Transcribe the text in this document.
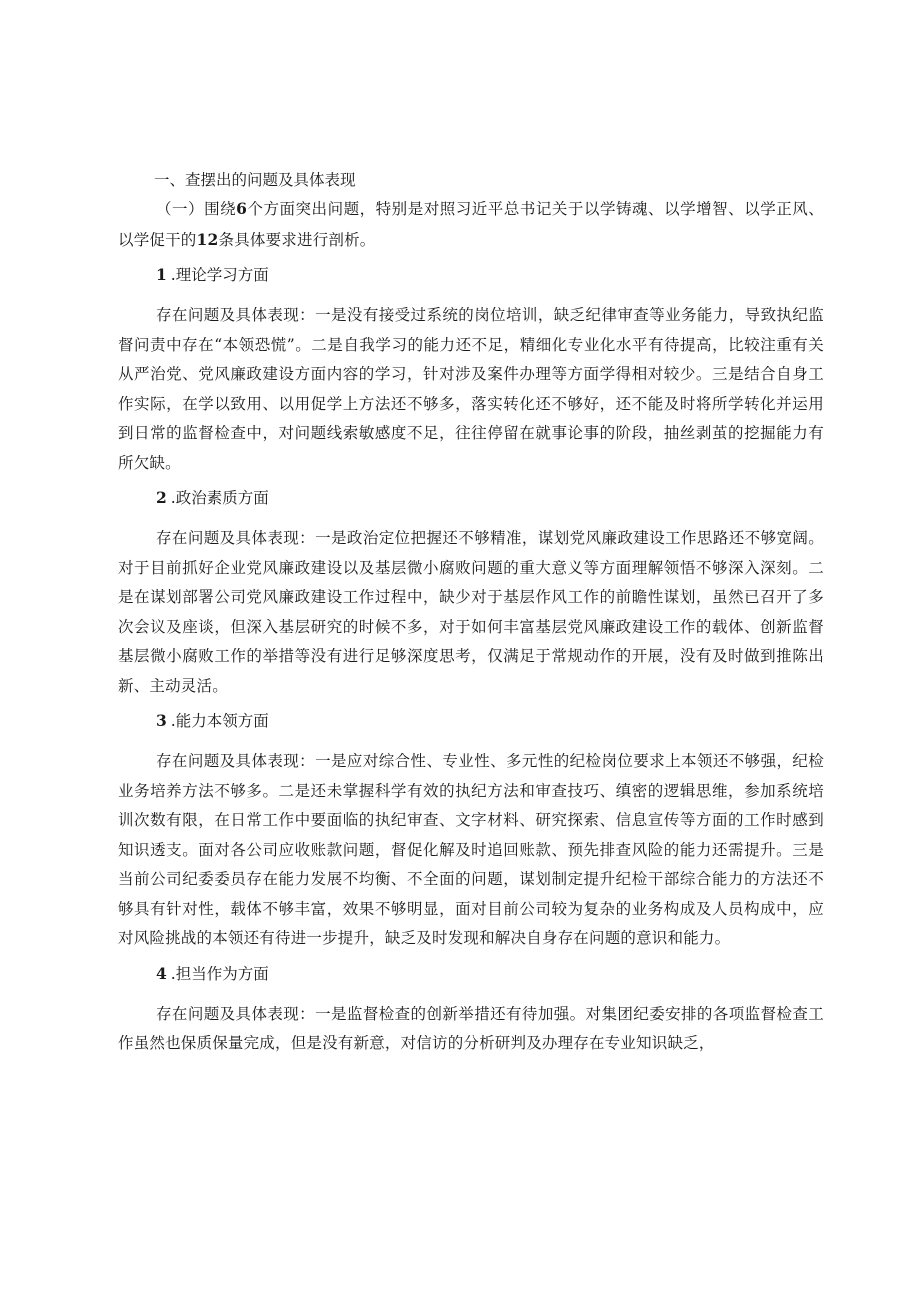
一、查摆出的问题及具体表现

（一）围绕6个方面突出问题，特别是对照习近平总书记关于以学铸魂、以学增智、以学正风、以学促干的12条具体要求进行剖析。

1 .理论学习方面

存在问题及具体表现：一是没有接受过系统的岗位培训，缺乏纪律审查等业务能力，导致执纪监督问责中存在“本领恐慌”。二是自我学习的能力还不足，精细化专业化水平有待提高，比较注重有关从严治党、党风廉政建设方面内容的学习，针对涉及案件办理等方面学得相对较少。三是结合自身工作实际，在学以致用、以用促学上方法还不够多，落实转化还不够好，还不能及时将所学转化并运用到日常的监督检查中，对问题线索敏感度不足，往往停留在就事论事的阶段，抽丝剥茧的挖掘能力有所欠缺。

2 .政治素质方面

存在问题及具体表现：一是政治定位把握还不够精准，谋划党风廉政建设工作思路还不够宽阔。对于目前抓好企业党风廉政建设以及基层微小腐败问题的重大意义等方面理解领悟不够深入深刻。二是在谋划部署公司党风廉政建设工作过程中，缺少对于基层作风工作的前瞻性谋划，虽然已召开了多次会议及座谈，但深入基层研究的时候不多，对于如何丰富基层党风廉政建设工作的载体、创新监督基层微小腐败工作的举措等没有进行足够深度思考，仅满足于常规动作的开展，没有及时做到推陈出新、主动灵活。

3 .能力本领方面

存在问题及具体表现：一是应对综合性、专业性、多元性的纪检岗位要求上本领还不够强，纪检业务培养方法不够多。二是还未掌握科学有效的执纪方法和审查技巧、缜密的逻辑思维，参加系统培训次数有限，在日常工作中要面临的执纪审查、文字材料、研究探索、信息宣传等方面的工作时感到知识透支。面对各公司应收账款问题，督促化解及时追回账款、预先排查风险的能力还需提升。三是当前公司纪委委员存在能力发展不均衡、不全面的问题，谋划制定提升纪检干部综合能力的方法还不够具有针对性，载体不够丰富，效果不够明显，面对目前公司较为复杂的业务构成及人员构成中，应对风险挑战的本领还有待进一步提升，缺乏及时发现和解决自身存在问题的意识和能力。

4 .担当作为方面

存在问题及具体表现：一是监督检查的创新举措还有待加强。对集团纪委安排的各项监督检查工作虽然也保质保量完成，但是没有新意，对信访的分析研判及办理存在专业知识缺乏，
